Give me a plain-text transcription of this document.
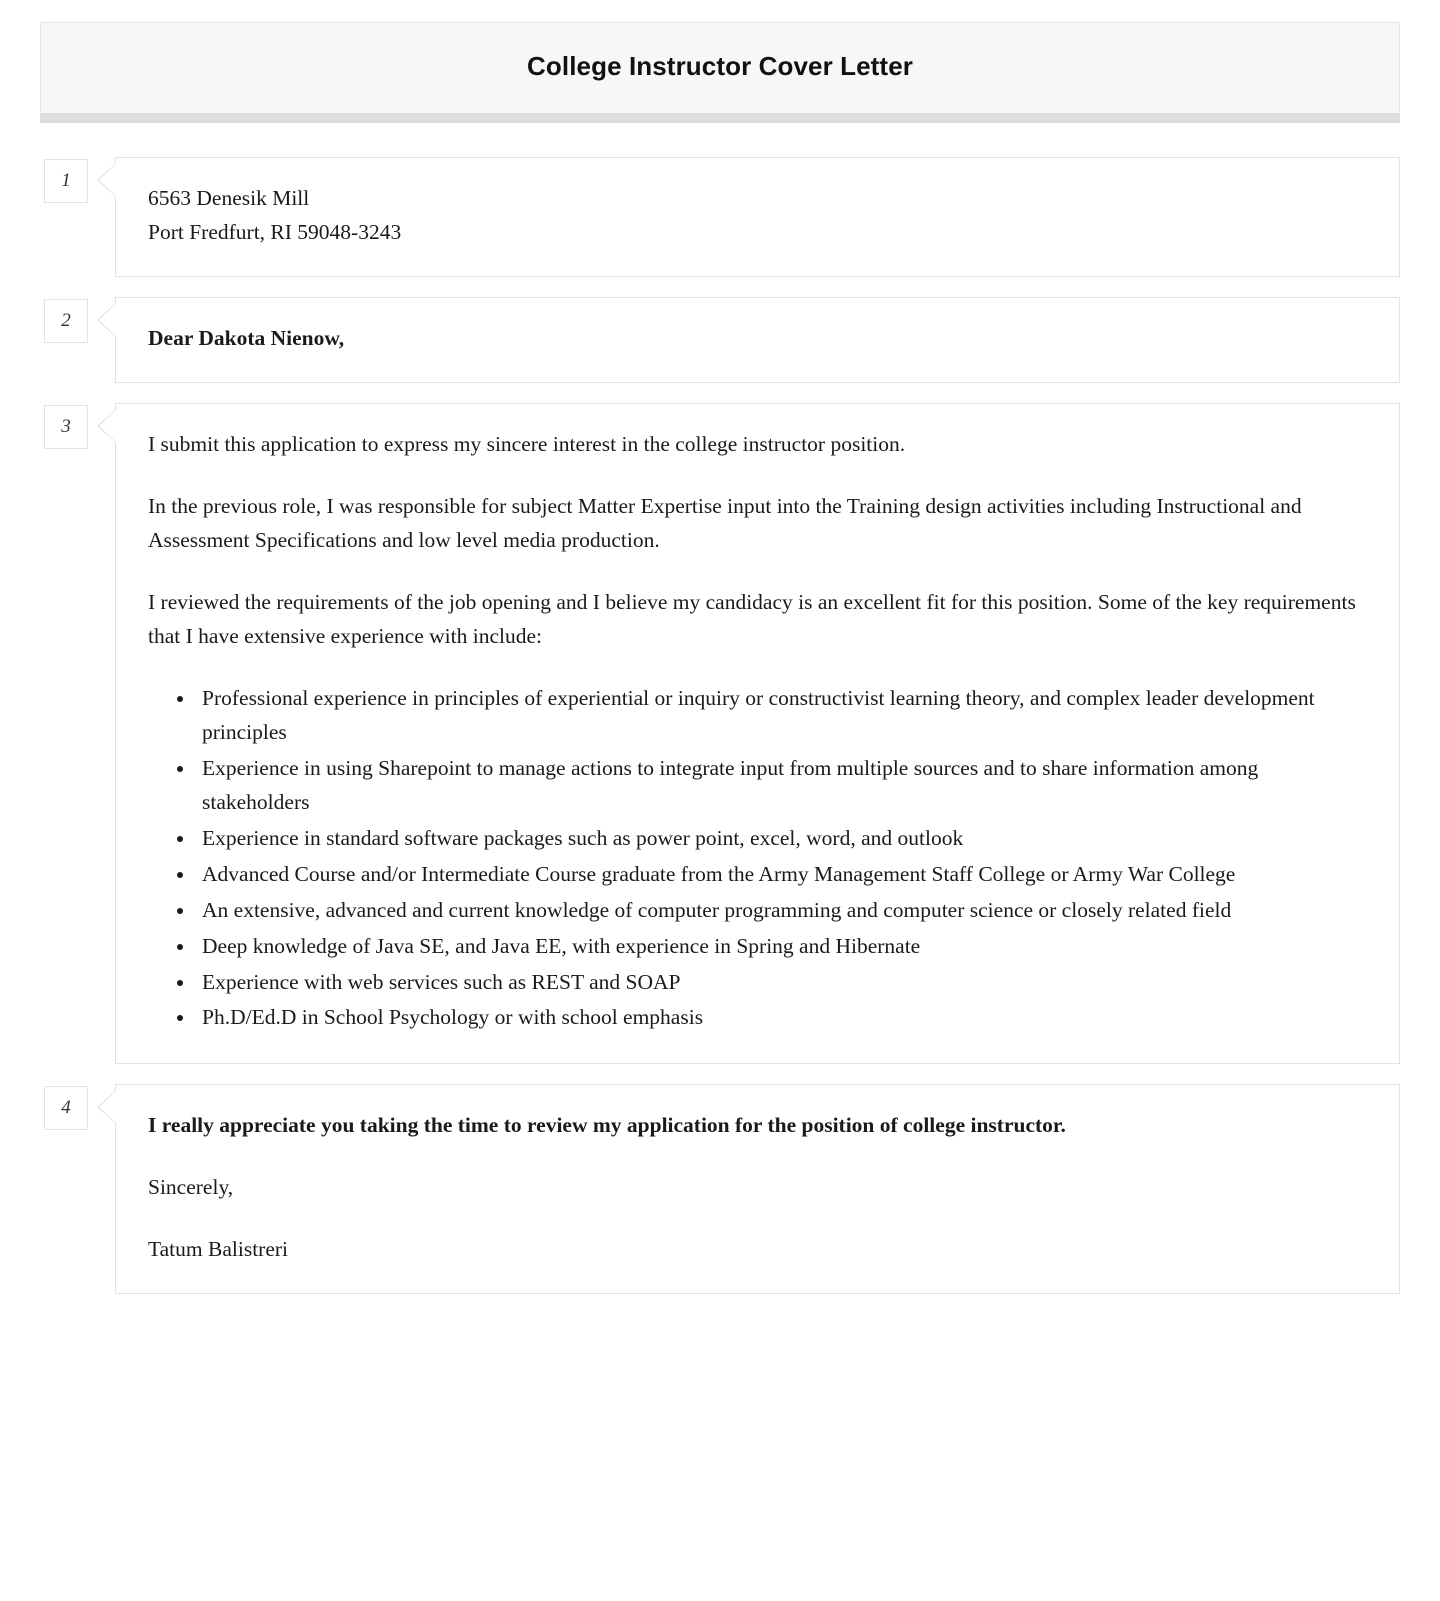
College Instructor Cover Letter
1

6563 Denesik Mill
Port Fredfurt, RI 59048-3243

2

Dear Dakota Nienow,

3

I submit this application to express my sincere interest in the college instructor position.

In the previous role, I was responsible for subject Matter Expertise input into the Training design activities including Instructional and Assessment Specifications and low level media production.

I reviewed the requirements of the job opening and I believe my candidacy is an excellent fit for this position. Some of the key requirements that I have extensive experience with include:

• Professional experience in principles of experiential or inquiry or constructivist learning theory, and complex leader development principles
• Experience in using Sharepoint to manage actions to integrate input from multiple sources and to share information among stakeholders
• Experience in standard software packages such as power point, excel, word, and outlook
• Advanced Course and/or Intermediate Course graduate from the Army Management Staff College or Army War College
• An extensive, advanced and current knowledge of computer programming and computer science or closely related field
• Deep knowledge of Java SE, and Java EE, with experience in Spring and Hibernate
• Experience with web services such as REST and SOAP
• Ph.D/Ed.D in School Psychology or with school emphasis
4

I really appreciate you taking the time to review my application for the position of college instructor.

Sincerely,

Tatum Balistreri
